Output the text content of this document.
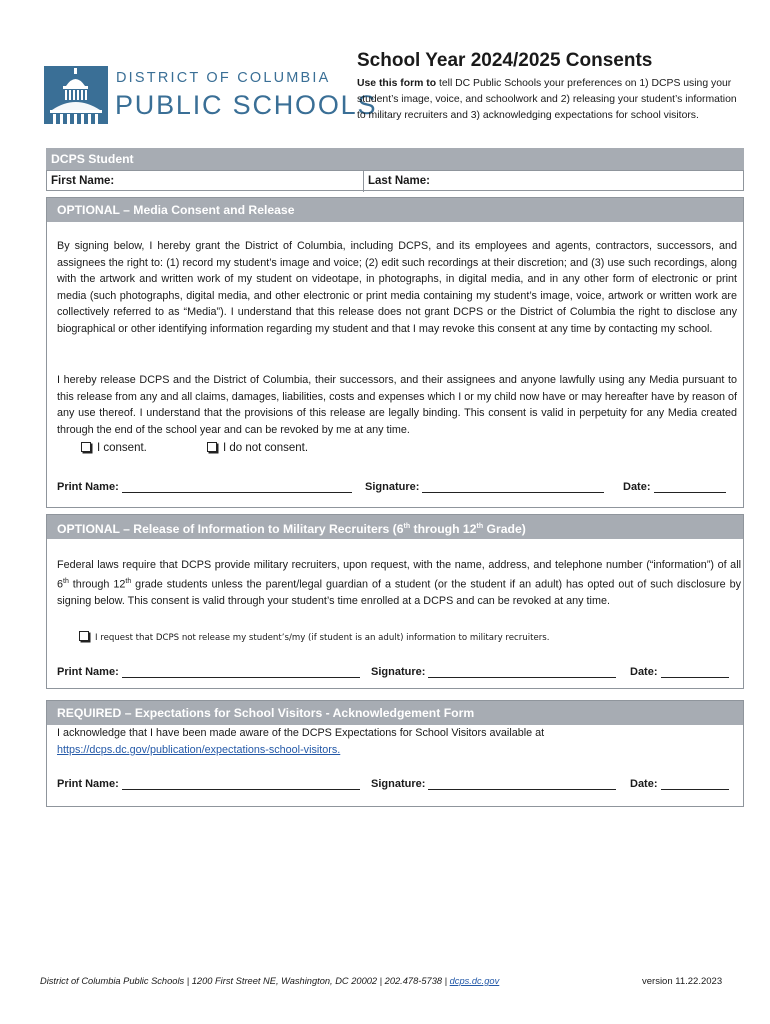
DISTRICT OF COLUMBIA
PUBLIC SCHOOLS
School Year 2024/2025 Consents
Use this form to tell DC Public Schools your preferences on 1) DCPS using your student’s image, voice, and schoolwork and 2) releasing your student’s information to military recruiters and 3) acknowledging expectations for school visitors.
DCPS Student
First Name:	Last Name:
OPTIONAL – Media Consent and Release
By signing below, I hereby grant the District of Columbia, including DCPS, and its employees and agents, contractors, successors, and assignees the right to: (1) record my student’s image and voice; (2) edit such recordings at their discretion; and (3) use such recordings, along with the artwork and written work of my student on videotape, in photographs, in digital media, and in any other form of electronic or print media (such photographs, digital media, and other electronic or print media containing my student’s image, voice, artwork or written work are collectively referred to as “Media”). I understand that this release does not grant DCPS or the District of Columbia the right to disclose any biographical or other identifying information regarding my student and that I may revoke this consent at any time by contacting my school.
I hereby release DCPS and the District of Columbia, their successors, and their assignees and anyone lawfully using any Media pursuant to this release from any and all claims, damages, liabilities, costs and expenses which I or my child now have or may hereafter have by reason of any use thereof. I understand that the provisions of this release are legally binding. This consent is valid in perpetuity for any Media created through the end of the school year and can be revoked by me at any time.
I consent.	I do not consent.
Print Name:	Signature:	Date:
OPTIONAL – Release of Information to Military Recruiters (6th through 12th Grade)
Federal laws require that DCPS provide military recruiters, upon request, with the name, address, and telephone number (“information”) of all 6th through 12th grade students unless the parent/legal guardian of a student (or the student if an adult) has opted out of such disclosure by signing below. This consent is valid through your student’s time enrolled at a DCPS and can be revoked at any time.
I request that DCPS not release my student’s/my (if student is an adult) information to military recruiters.
Print Name:	Signature:	Date:
REQUIRED – Expectations for School Visitors - Acknowledgement Form
I acknowledge that I have been made aware of the DCPS Expectations for School Visitors available at
https://dcps.dc.gov/publication/expectations-school-visitors.
Print Name:	Signature:	Date:
District of Columbia Public Schools | 1200 First Street NE, Washington, DC 20002 | 202.478-5738 | dcps.dc.gov	version 11.22.2023
